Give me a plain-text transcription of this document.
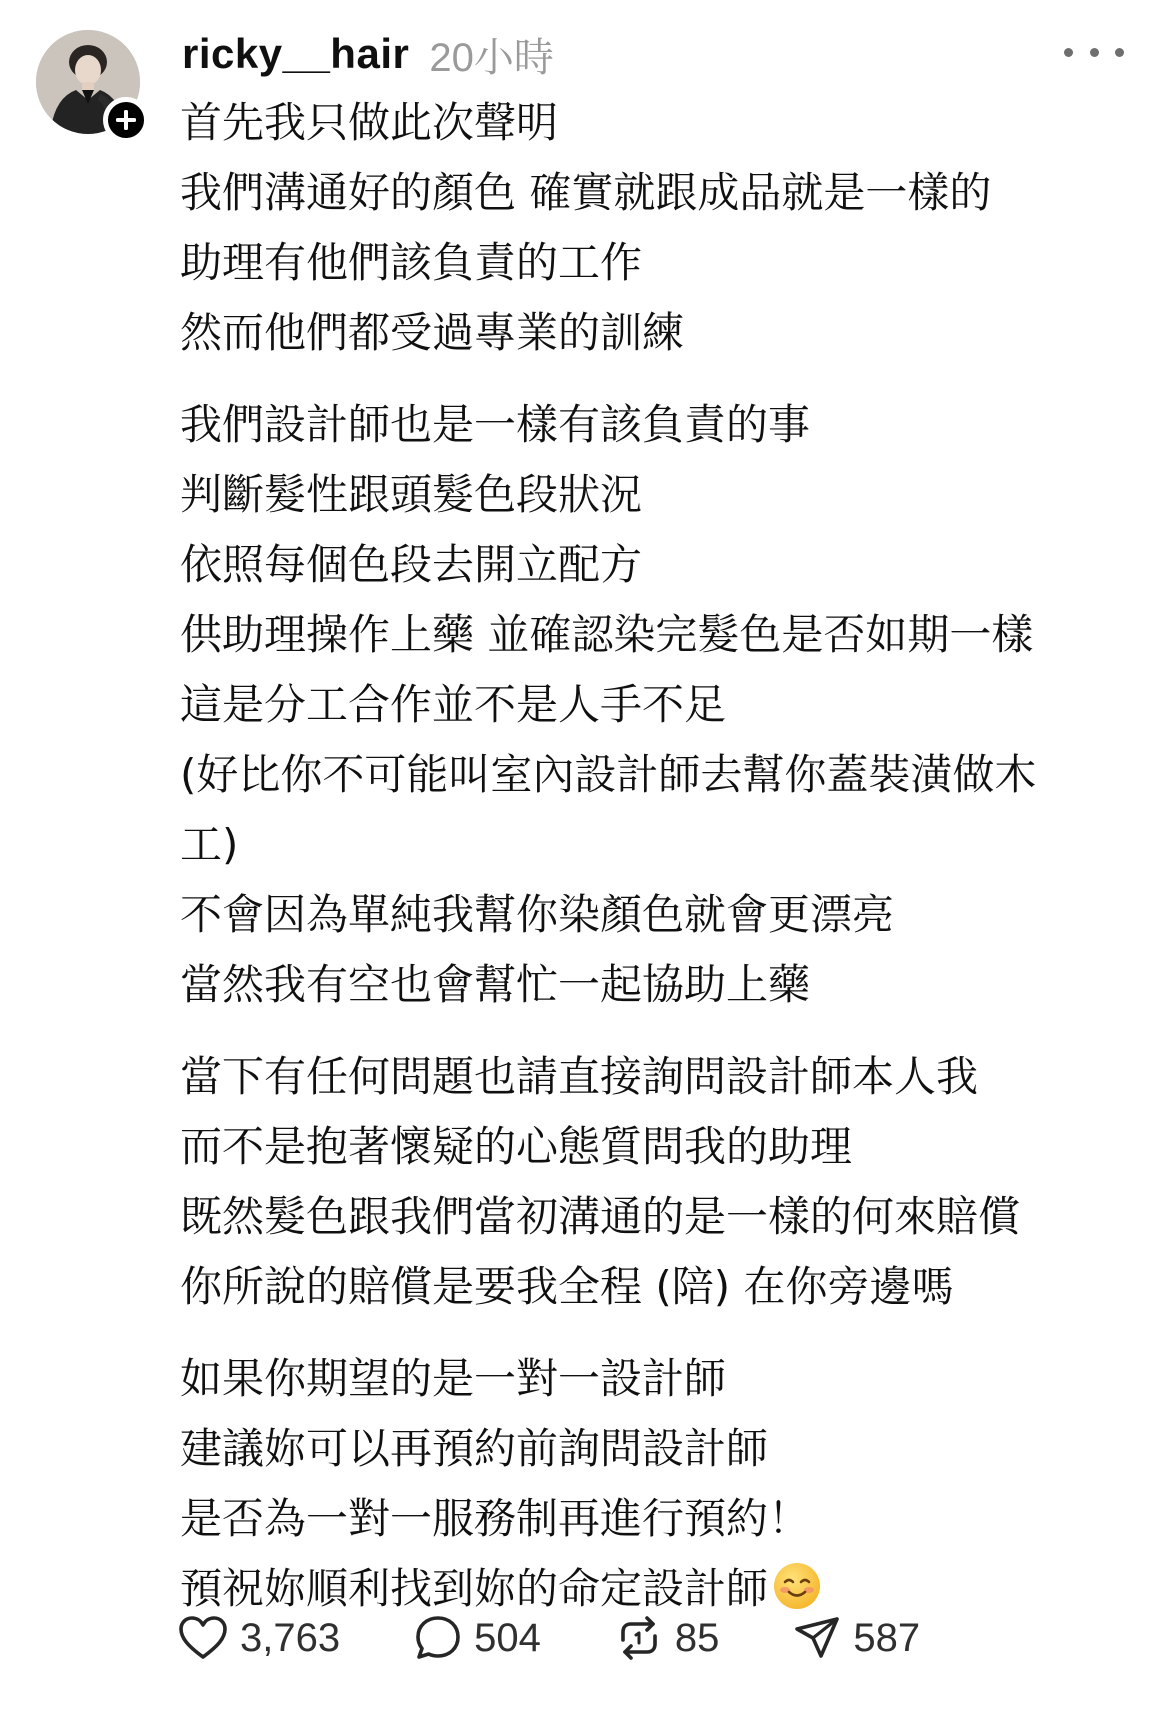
ricky__hair 20小時
首先我只做此次聲明
我們溝通好的顏色 確實就跟成品就是一樣的
助理有他們該負責的工作
然而他們都受過專業的訓練
我們設計師也是一樣有該負責的事
判斷髮性跟頭髮色段狀況
依照每個色段去開立配方
供助理操作上藥 並確認染完髮色是否如期一樣
這是分工合作並不是人手不足
(好比你不可能叫室內設計師去幫你蓋裝潢做木
工)
不會因為單純我幫你染顏色就會更漂亮
當然我有空也會幫忙一起協助上藥
當下有任何問題也請直接詢問設計師本人我
而不是抱著懷疑的心態質問我的助理
既然髮色跟我們當初溝通的是一樣的何來賠償
你所說的賠償是要我全程 (陪) 在你旁邊嗎
如果你期望的是一對一設計師
建議妳可以再預約前詢問設計師
是否為一對一服務制再進行預約！
預祝妳順利找到妳的命定設計師
3,763	504	85	587
